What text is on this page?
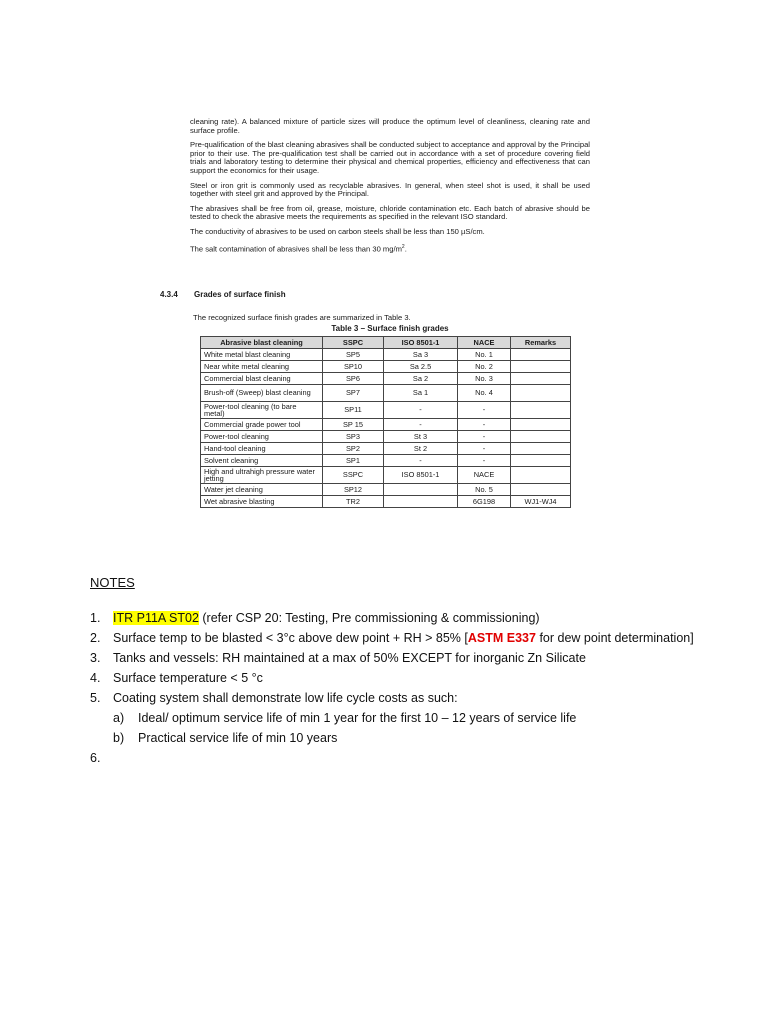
cleaning rate). A balanced mixture of particle sizes will produce the optimum level of cleanliness, cleaning rate and surface profile.

Pre-qualification of the blast cleaning abrasives shall be conducted subject to acceptance and approval by the Principal prior to their use. The pre-qualification test shall be carried out in accordance with a set of procedure covering field trials and laboratory testing to determine their physical and chemical properties, efficiency and effectiveness that can support the economics for their usage.

Steel or iron grit is commonly used as recyclable abrasives. In general, when steel shot is used, it shall be used together with steel grit and approved by the Principal.

The abrasives shall be free from oil, grease, moisture, chloride contamination etc. Each batch of abrasive should be tested to check the abrasive meets the requirements as specified in the relevant ISO standard.

The conductivity of abrasives to be used on carbon steels shall be less than 150 µS/cm.

The salt contamination of abrasives shall be less than 30 $mg/m^2$.

4.3.4 Grades of surface finish
The recognized surface finish grades are summarized in Table 3.
Table 3 – Surface finish grades
Abrasive blast cleaning	SSPC	ISO 8501-1	NACE	Remarks
White metal blast cleaning	SP5	Sa 3	No. 1	
Near white metal cleaning	SP10	Sa 2.5	No. 2	
Commercial blast cleaning	SP6	Sa 2	No. 3	
Brush-off (Sweep) blast cleaning	SP7	Sa 1	No. 4	
Power-tool cleaning (to bare metal)	SP11	-	-	
Commercial grade power tool	SP 15	-	-	
Power-tool cleaning	SP3	St 3	-	
Hand-tool cleaning	SP2	St 2	-	
Solvent cleaning	SP1	-	-	
High and ultrahigh pressure water jetting	SSPC	ISO 8501-1	NACE	
Water jet cleaning	SP12		No. 5	
Wet abrasive blasting	TR2		6G198	WJ1-WJ4
NOTES
1. ITR P11A ST02 (refer CSP 20: Testing, Pre commissioning & commissioning)
2. Surface temp to be blasted < 3°c above dew point + RH > 85% [ASTM E337 for dew point determination]
3. Tanks and vessels: RH maintained at a max of 50% EXCEPT for inorganic Zn Silicate
4. Surface temperature < 5 °c
5. Coating system shall demonstrate low life cycle costs as such:
a) Ideal/ optimum service life of min 1 year for the first 10 – 12 years of service life
b) Practical service life of min 10 years
6.
